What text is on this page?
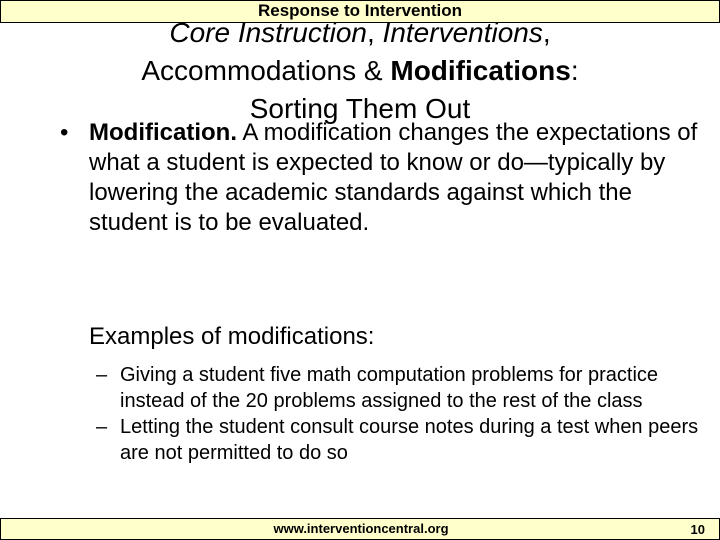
Response to Intervention
Core Instruction, Interventions,
Accommodations & Modifications:
Sorting Them Out
• Modification. A modification changes the expectations of what a student is expected to know or do—typically by lowering the academic standards against which the student is to be evaluated.
Examples of modifications:
– Giving a student five math computation problems for practice instead of the 20 problems assigned to the rest of the class
– Letting the student consult course notes during a test when peers are not permitted to do so
www.interventioncentral.org	10
